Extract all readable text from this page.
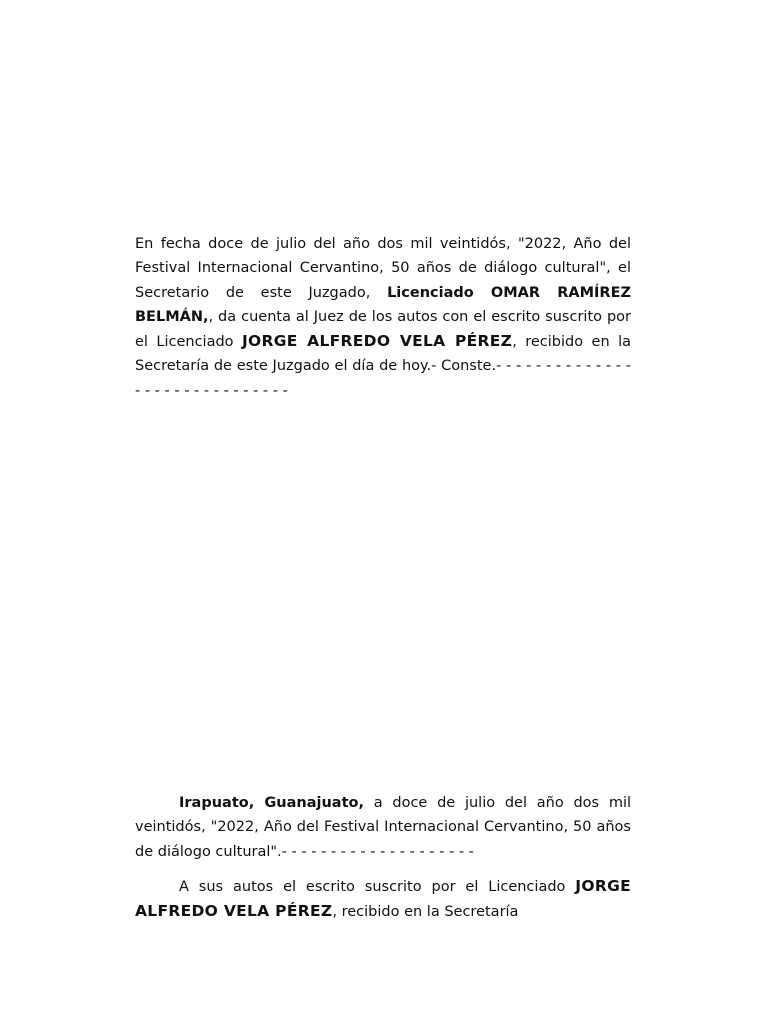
En fecha doce de julio del año dos mil veintidós, "2022, Año del Festival Internacional Cervantino, 50 años de diálogo cultural", el Secretario de este Juzgado, Licenciado OMAR RAMÍREZ BELMÁN,, da cuenta al Juez de los autos con el escrito suscrito por el Licenciado JORGE ALFREDO VELA PÉREZ, recibido en la Secretaría de este Juzgado el día de hoy.- Conste.- - - - - - - - - - - - - - - - - - - - - - - - - - - - - -

Irapuato, Guanajuato, a doce de julio del año dos mil veintidós, "2022, Año del Festival Internacional Cervantino, 50 años de diálogo cultural".- - - - - - - - - - - - - - - - - - - -

A sus autos el escrito suscrito por el Licenciado JORGE ALFREDO VELA PÉREZ, recibido en la Secretaría
